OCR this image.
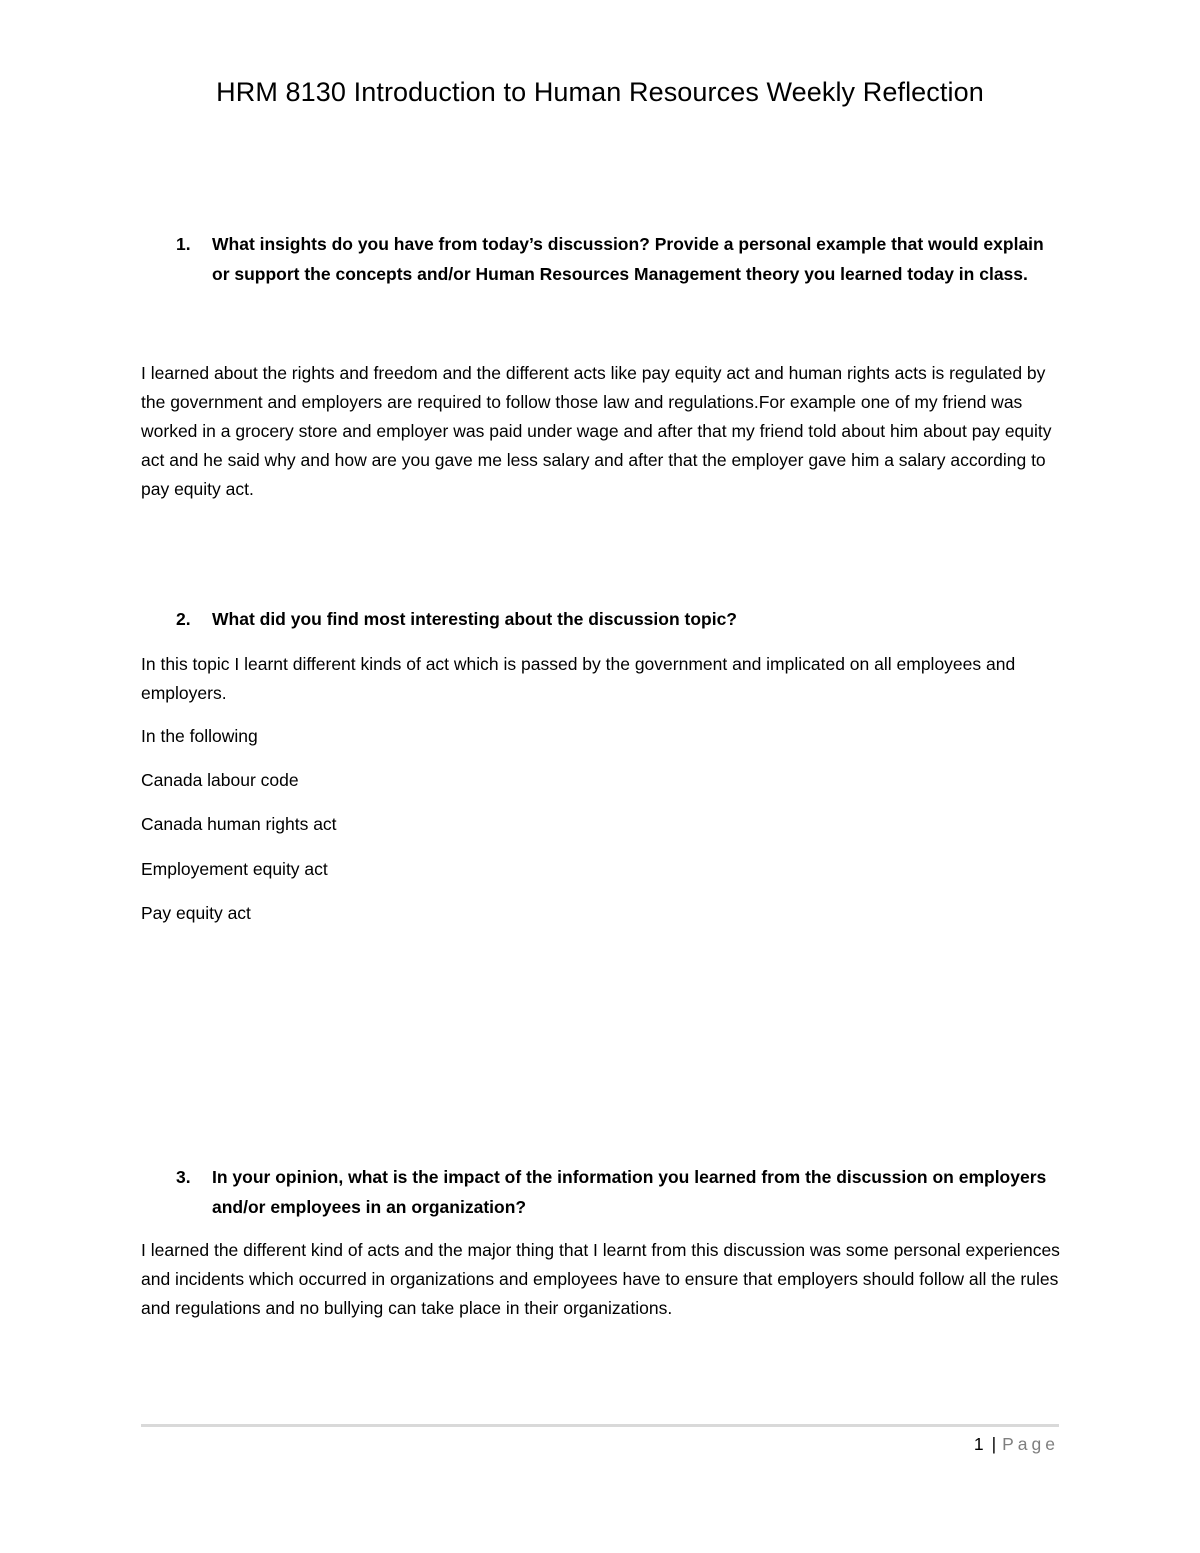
HRM 8130 Introduction to Human Resources Weekly Reflection
1. What insights do you have from today’s discussion? Provide a personal example that would explain or support the concepts and/or Human Resources Management theory you learned today in class.
I learned about the rights and freedom and the different acts like pay equity act and human rights acts is regulated by the government and employers are required to follow those law and regulations.For example one of my friend was worked in a grocery store and employer was paid under wage and after that my friend told about him about pay equity act and he said why and how are you gave me less salary and after that the employer gave him a salary according to pay equity act.
2. What did you find most interesting about the discussion topic?
In this topic I learnt different kinds of act which is passed by the government and implicated on all employees and employers.
In the following
Canada labour code
Canada human rights act
Employement equity act
Pay equity act
3. In your opinion, what is the impact of the information you learned from the discussion on employers and/or employees in an organization?
I learned the different kind of acts and the major thing that I learnt from this discussion was some personal experiences and incidents which occurred in organizations and employees have to ensure that employers should follow all the rules and regulations and no bullying can take place in their organizations.
1 | Page
